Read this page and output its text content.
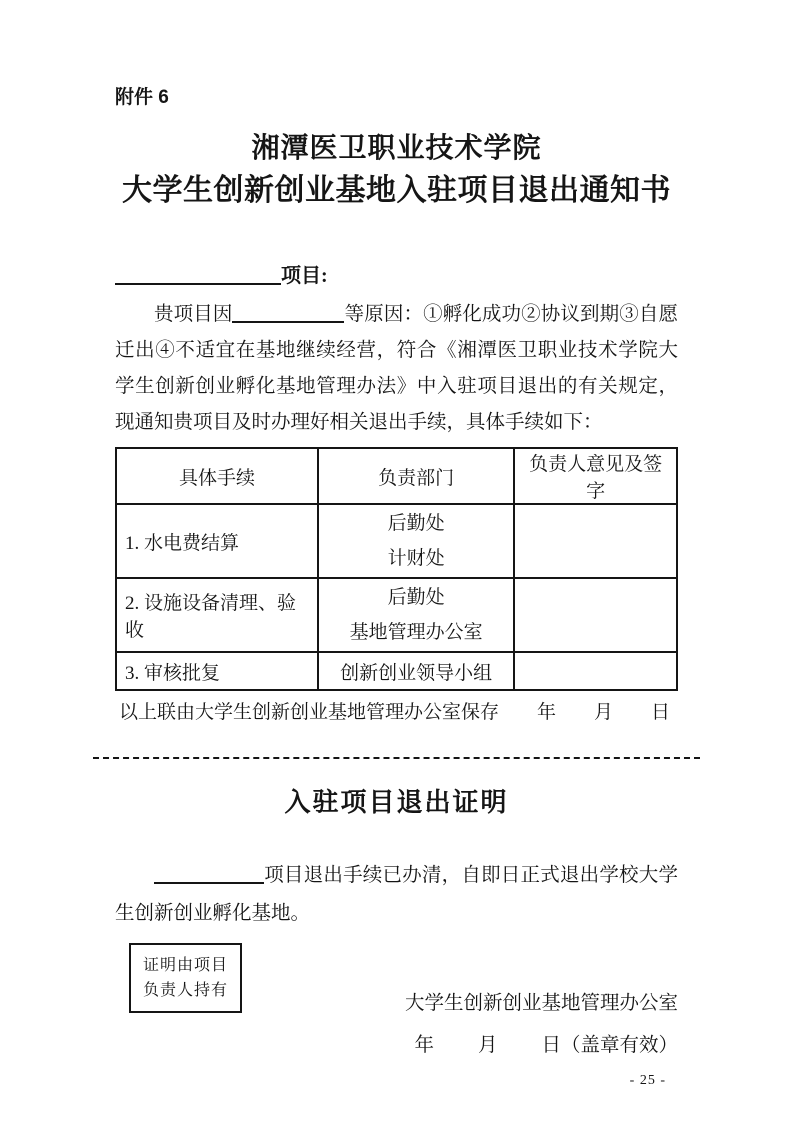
附件 6
湘潭医卫职业技术学院
大学生创新创业基地入驻项目退出通知书
项目:

贵项目因	等原因：①孵化成功②协议到期③自愿迁出④不适宜在基地继续经营，符合《湘潭医卫职业技术学院大学生创新创业孵化基地管理办法》中入驻项目退出的有关规定，现通知贵项目及时办理好相关退出手续，具体手续如下：

具体手续	负责部门	负责人意见及签字
1. 水电费结算	后勤处
计财处	

2. 设施设备清理、验收	后勤处
基地管理办公室	

3. 审核批复	创新创业领导小组	
以上联由大学生创新创业基地管理办公室保存 年 月 日
入驻项目退出证明

项目退出手续已办清，自即日正式退出学校大学生创新创业孵化基地。

证明由项目
负责人持有
大学生创新创业基地管理办公室
年 月 日（盖章有效）
- 25 -
